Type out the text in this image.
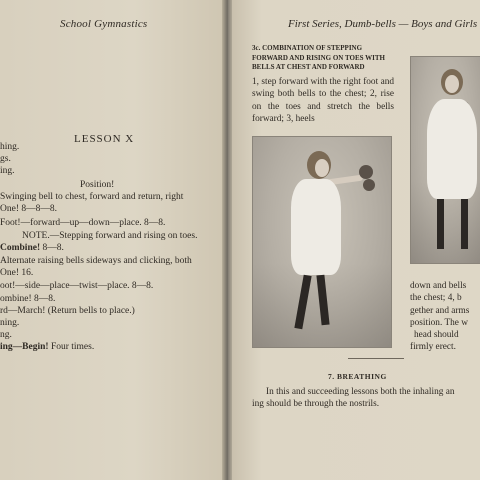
School Gymnastics
LESSON X
hing.
gs.
ing.
Position!
Swinging bell to chest, forward and return, right
One! 8—8—8.
Foot!—forward—up—down—place. 8—8.
NOTE.—Stepping forward and rising on toes.
Combine! 8—8.
Alternate raising bells sideways and clicking, both
One! 16.
oot!—side—place—twist—place. 8—8.
ombine! 8—8.
rd—March! (Return bells to place.)
ning.
ng.
ing—Begin! Four times.
First Series, Dumb-bells — Boys and Girls
3c. COMBINATION OF STEPPING FORWARD AND RISING ON TOES WITH BELLS AT CHEST AND FORWARD
1, step forward with the right foot and swing both bells to the chest; 2, rise on the toes and stretch the bells forward; 3, heels
down and bells
the chest; 4, b
gether and arms
position. The w
head should
firmly erect.
7. BREATHING
In this and succeeding lessons both the inhaling an
ing should be through the nostrils.
